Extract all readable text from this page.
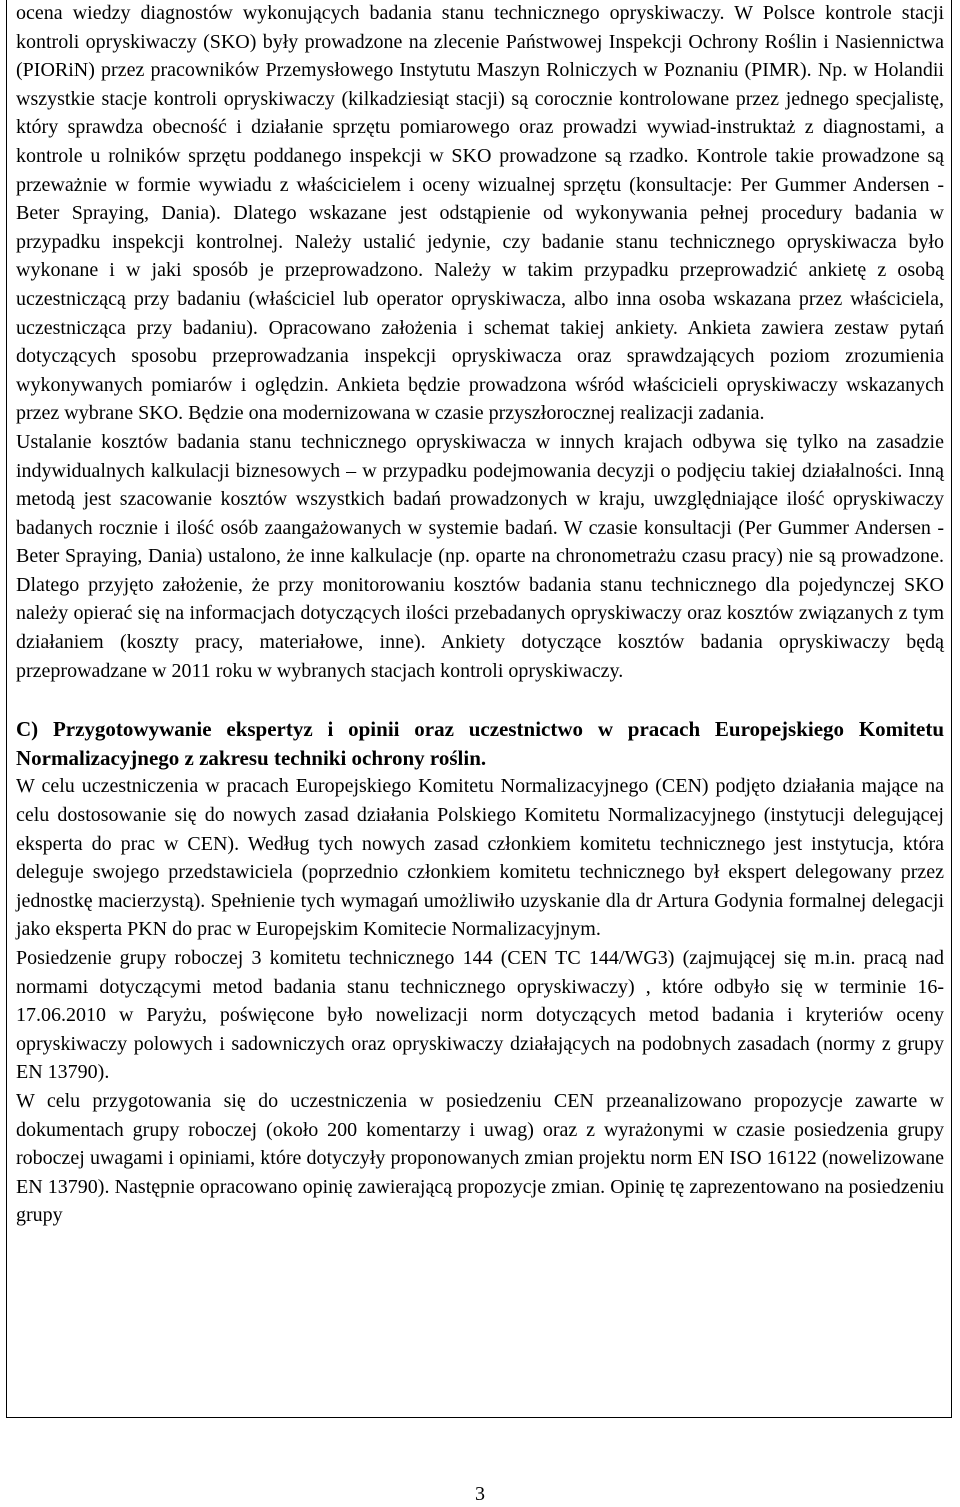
ocena wiedzy diagnostów wykonujących badania stanu technicznego opryskiwaczy. W Polsce kontrole stacji kontroli opryskiwaczy (SKO) były prowadzone na zlecenie Państwowej Inspekcji Ochrony Roślin i Nasiennictwa (PIORiN) przez pracowników Przemysłowego Instytutu Maszyn Rolniczych w Poznaniu (PIMR). Np. w Holandii wszystkie stacje kontroli opryskiwaczy (kilkadziesiąt stacji) są corocznie kontrolowane przez jednego specjalistę, który sprawdza obecność i działanie sprzętu pomiarowego oraz prowadzi wywiad-instruktaż z diagnostami, a kontrole u rolników sprzętu poddanego inspekcji w SKO prowadzone są rzadko. Kontrole takie prowadzone są przeważnie w formie wywiadu z właścicielem i oceny wizualnej sprzętu (konsultacje: Per Gummer Andersen - Beter Spraying, Dania). Dlatego wskazane jest odstąpienie od wykonywania pełnej procedury badania w przypadku inspekcji kontrolnej. Należy ustalić jedynie, czy badanie stanu technicznego opryskiwacza było wykonane i w jaki sposób je przeprowadzono. Należy w takim przypadku przeprowadzić ankietę z osobą uczestniczącą przy badaniu (właściciel lub operator opryskiwacza, albo inna osoba wskazana przez właściciela, uczestnicząca przy badaniu). Opracowano założenia i schemat takiej ankiety. Ankieta zawiera zestaw pytań dotyczących sposobu przeprowadzania inspekcji opryskiwacza oraz sprawdzających poziom zrozumienia wykonywanych pomiarów i oględzin. Ankieta będzie prowadzona wśród właścicieli opryskiwaczy wskazanych przez wybrane SKO. Będzie ona modernizowana w czasie przyszłorocznej realizacji zadania.

Ustalanie kosztów badania stanu technicznego opryskiwacza w innych krajach odbywa się tylko na zasadzie indywidualnych kalkulacji biznesowych – w przypadku podejmowania decyzji o podjęciu takiej działalności. Inną metodą jest szacowanie kosztów wszystkich badań prowadzonych w kraju, uwzględniające ilość opryskiwaczy badanych rocznie i ilość osób zaangażowanych w systemie badań. W czasie konsultacji (Per Gummer Andersen - Beter Spraying, Dania) ustalono, że inne kalkulacje (np. oparte na chronometrażu czasu pracy) nie są prowadzone. Dlatego przyjęto założenie, że przy monitorowaniu kosztów badania stanu technicznego dla pojedynczej SKO należy opierać się na informacjach dotyczących ilości przebadanych opryskiwaczy oraz kosztów związanych z tym działaniem (koszty pracy, materiałowe, inne). Ankiety dotyczące kosztów badania opryskiwaczy będą przeprowadzane w 2011 roku w wybranych stacjach kontroli opryskiwaczy.

C) Przygotowywanie ekspertyz i opinii oraz uczestnictwo w pracach Europejskiego Komitetu Normalizacyjnego z zakresu techniki ochrony roślin.

W celu uczestniczenia w pracach Europejskiego Komitetu Normalizacyjnego (CEN) podjęto działania mające na celu dostosowanie się do nowych zasad działania Polskiego Komitetu Normalizacyjnego (instytucji delegującej eksperta do prac w CEN). Według tych nowych zasad członkiem komitetu technicznego jest instytucja, która deleguje swojego przedstawiciela (poprzednio członkiem komitetu technicznego był ekspert delegowany przez jednostkę macierzystą). Spełnienie tych wymagań umożliwiło uzyskanie dla dr Artura Godynia formalnej delegacji jako eksperta PKN do prac w Europejskim Komitecie Normalizacyjnym.

Posiedzenie grupy roboczej 3 komitetu technicznego 144 (CEN TC 144/WG3) (zajmującej się m.in. pracą nad normami dotyczącymi metod badania stanu technicznego opryskiwaczy) , które odbyło się w terminie 16-17.06.2010 w Paryżu, poświęcone było nowelizacji norm dotyczących metod badania i kryteriów oceny opryskiwaczy polowych i sadowniczych oraz opryskiwaczy działających na podobnych zasadach (normy z grupy EN 13790).

W celu przygotowania się do uczestniczenia w posiedzeniu CEN przeanalizowano propozycje zawarte w dokumentach grupy roboczej (około 200 komentarzy i uwag) oraz z wyrażonymi w czasie posiedzenia grupy roboczej uwagami i opiniami, które dotyczyły proponowanych zmian projektu norm EN ISO 16122 (nowelizowane EN 13790). Następnie opracowano opinię zawierającą propozycje zmian. Opinię tę zaprezentowano na posiedzeniu grupy

3
